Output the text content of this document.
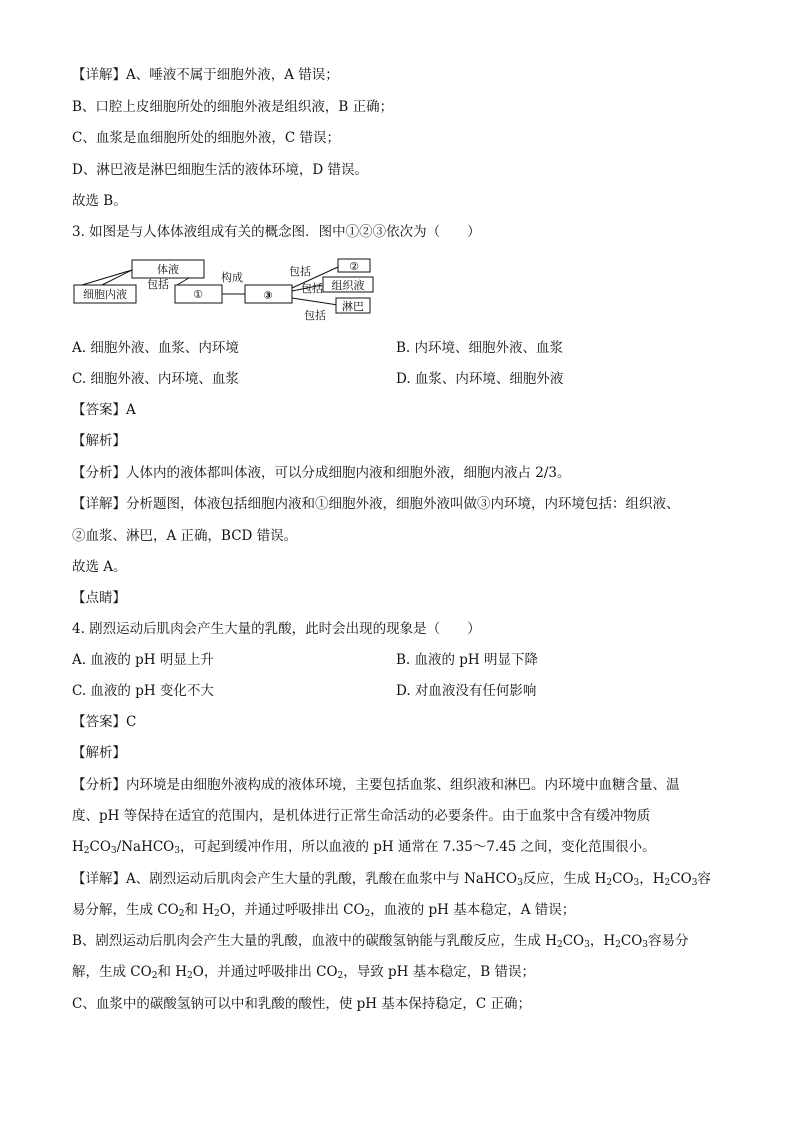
【详解】A、唾液不属于细胞外液，A 错误；
B、口腔上皮细胞所处的细胞外液是组织液，B 正确；
C、血浆是血细胞所处的细胞外液，C 错误；
D、淋巴液是淋巴细胞生活的液体环境，D 错误。
故选 B。
3. 如图是与人体体液组成有关的概念图．图中①②③依次为（　　）
体液
细胞内液
包括
①
构成
③
包括	②
包括 组织液
包括
淋巴
A. 细胞外液、血浆、内环境	B. 内环境、细胞外液、血浆
C. 细胞外液、内环境、血浆	D. 血浆、内环境、细胞外液
【答案】A
【解析】
【分析】人体内的液体都叫体液，可以分成细胞内液和细胞外液，细胞内液占 2/3。
【详解】分析题图，体液包括细胞内液和①细胞外液，细胞外液叫做③内环境，内环境包括：组织液、
②血浆、淋巴，A 正确，BCD 错误。
故选 A。
【点睛】
4. 剧烈运动后肌肉会产生大量的乳酸，此时会出现的现象是（　　）
A. 血液的 pH 明显上升	B. 血液的 pH 明显下降
C. 血液的 pH 变化不大	D. 对血液没有任何影响
【答案】C
【解析】
【分析】内环境是由细胞外液构成的液体环境，主要包括血浆、组织液和淋巴。内环境中血糖含量、温
度、pH 等保持在适宜的范围内，是机体进行正常生命活动的必要条件。由于血浆中含有缓冲物质
$H_2CO_3/NaHCO_3$，可起到缓冲作用，所以血液的 pH 通常在 7.35～7.45 之间，变化范围很小。
【详解】A、剧烈运动后肌肉会产生大量的乳酸，乳酸在血浆中与 NaHCO$_3$反应，生成 $H_2CO_3$，$H_2CO_3$容
易分解，生成 $CO_2$和 $H_2O$，并通过呼吸排出 $CO_2$，血液的 pH 基本稳定，A 错误；
B、剧烈运动后肌肉会产生大量的乳酸，血液中的碳酸氢钠能与乳酸反应，生成 $H_2CO_3$，$H_2CO_3$容易分
解，生成 $CO_2$和 $H_2O$，并通过呼吸排出 $CO_2$，导致 pH 基本稳定，B 错误；
C、血浆中的碳酸氢钠可以中和乳酸的酸性，使 pH 基本保持稳定，C 正确；
